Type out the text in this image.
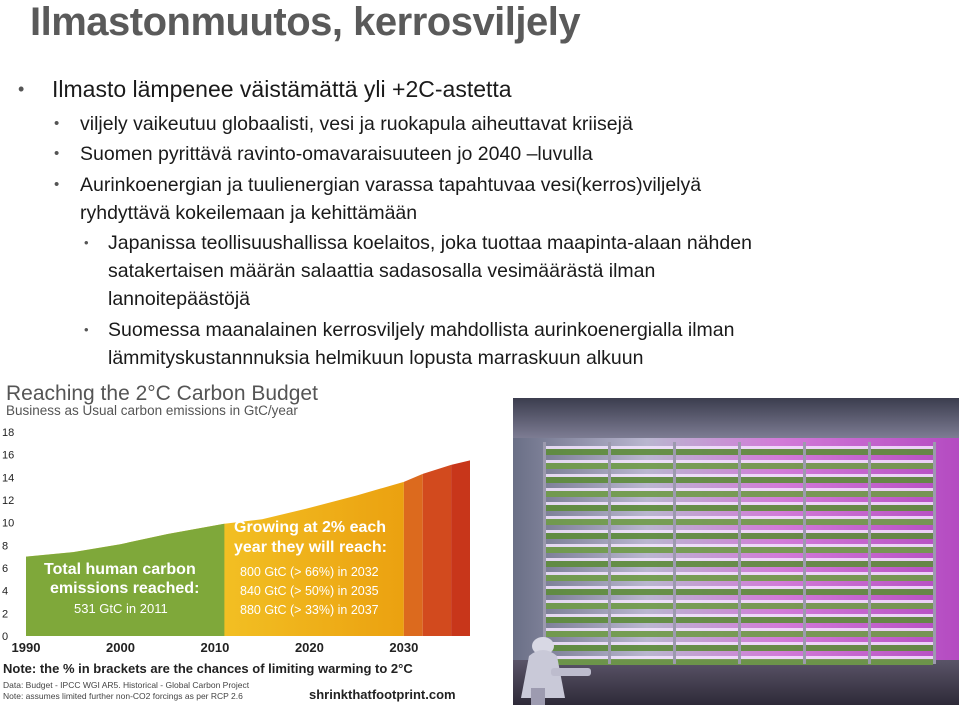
Ilmastonmuutos, kerrosviljely
• Ilmasto lämpenee väistämättä yli +2C-astetta
• viljely vaikeutuu globaalisti, vesi ja ruokapula aiheuttavat kriisejä
• Suomen pyrittävä ravinto-omavaraisuuteen jo 2040 –luvulla
• Aurinkoenergian ja tuulienergian varassa tapahtuvaa vesi(kerros)viljelyä
ryhdyttävä kokeilemaan ja kehittämään
• Japanissa teollisuushallissa koelaitos, joka tuottaa maapinta-alaan nähden
satakertaisen määrän salaattia sadasosalla vesimäärästä ilman
lannoitepäästöjä
• Suomessa maanalainen kerrosviljely mahdollista aurinkoenergialla ilman
lämmityskustannnuksia helmikuun lopusta marraskuun alkuun
Reaching the 2°C Carbon Budget
Business as Usual carbon emissions in GtC/year
0
2
4
6
8
10
12
14
16
18
1990	2000	2010	2020	2030
Total human carbon
emissions reached:
531 GtC in 2011
Growing at 2% each
year they will reach:
800 GtC (> 66%) in 2032
840 GtC (> 50%) in 2035
880 GtC (> 33%) in 2037
Note: the % in brackets are the chances of limiting warming to 2°C
Data: Budget - IPCC WGI AR5. Historical - Global Carbon Project
Note: assumes limited further non-CO2 forcings as per RCP 2.6	shrinkthatfootprint.com
